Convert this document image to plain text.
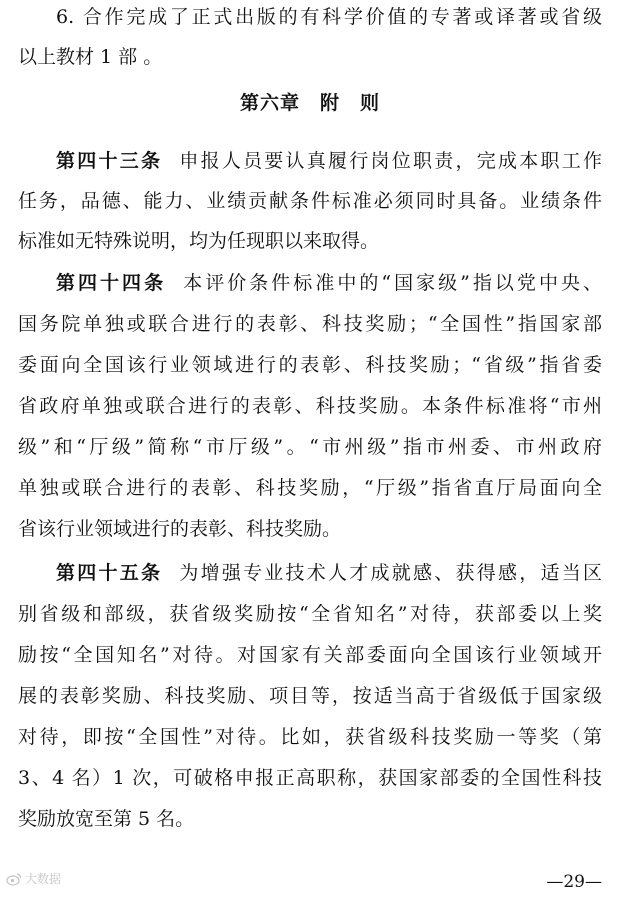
6. 合作完成了正式出版的有科学价值的专著或译著或省级
以上教材 1 部 。
第六章　附　则
第四十三条 申报人员要认真履行岗位职责，完成本职工作
任务，品德、能力、业绩贡献条件标准必须同时具备。业绩条件
标准如无特殊说明，均为任现职以来取得。
第四十四条 本评价条件标准中的“国家级”指以党中央、
国务院单独或联合进行的表彰、科技奖励；“全国性”指国家部
委面向全国该行业领域进行的表彰、科技奖励；“省级”指省委
省政府单独或联合进行的表彰、科技奖励。本条件标准将“市州
级”和“厅级”简称“市厅级”。“市州级”指市州委、市州政府
单独或联合进行的表彰、科技奖励，“厅级”指省直厅局面向全
省该行业领域进行的表彰、科技奖励。
第四十五条 为增强专业技术人才成就感、获得感，适当区
别省级和部级，获省级奖励按“全省知名”对待，获部委以上奖
励按“全国知名”对待。对国家有关部委面向全国该行业领域开
展的表彰奖励、科技奖励、项目等，按适当高于省级低于国家级
对待，即按“全国性”对待。比如，获省级科技奖励一等奖（第
3、4 名）1 次，可破格申报正高职称，获国家部委的全国性科技
奖励放宽至第 5 名。
大数据	—29—
